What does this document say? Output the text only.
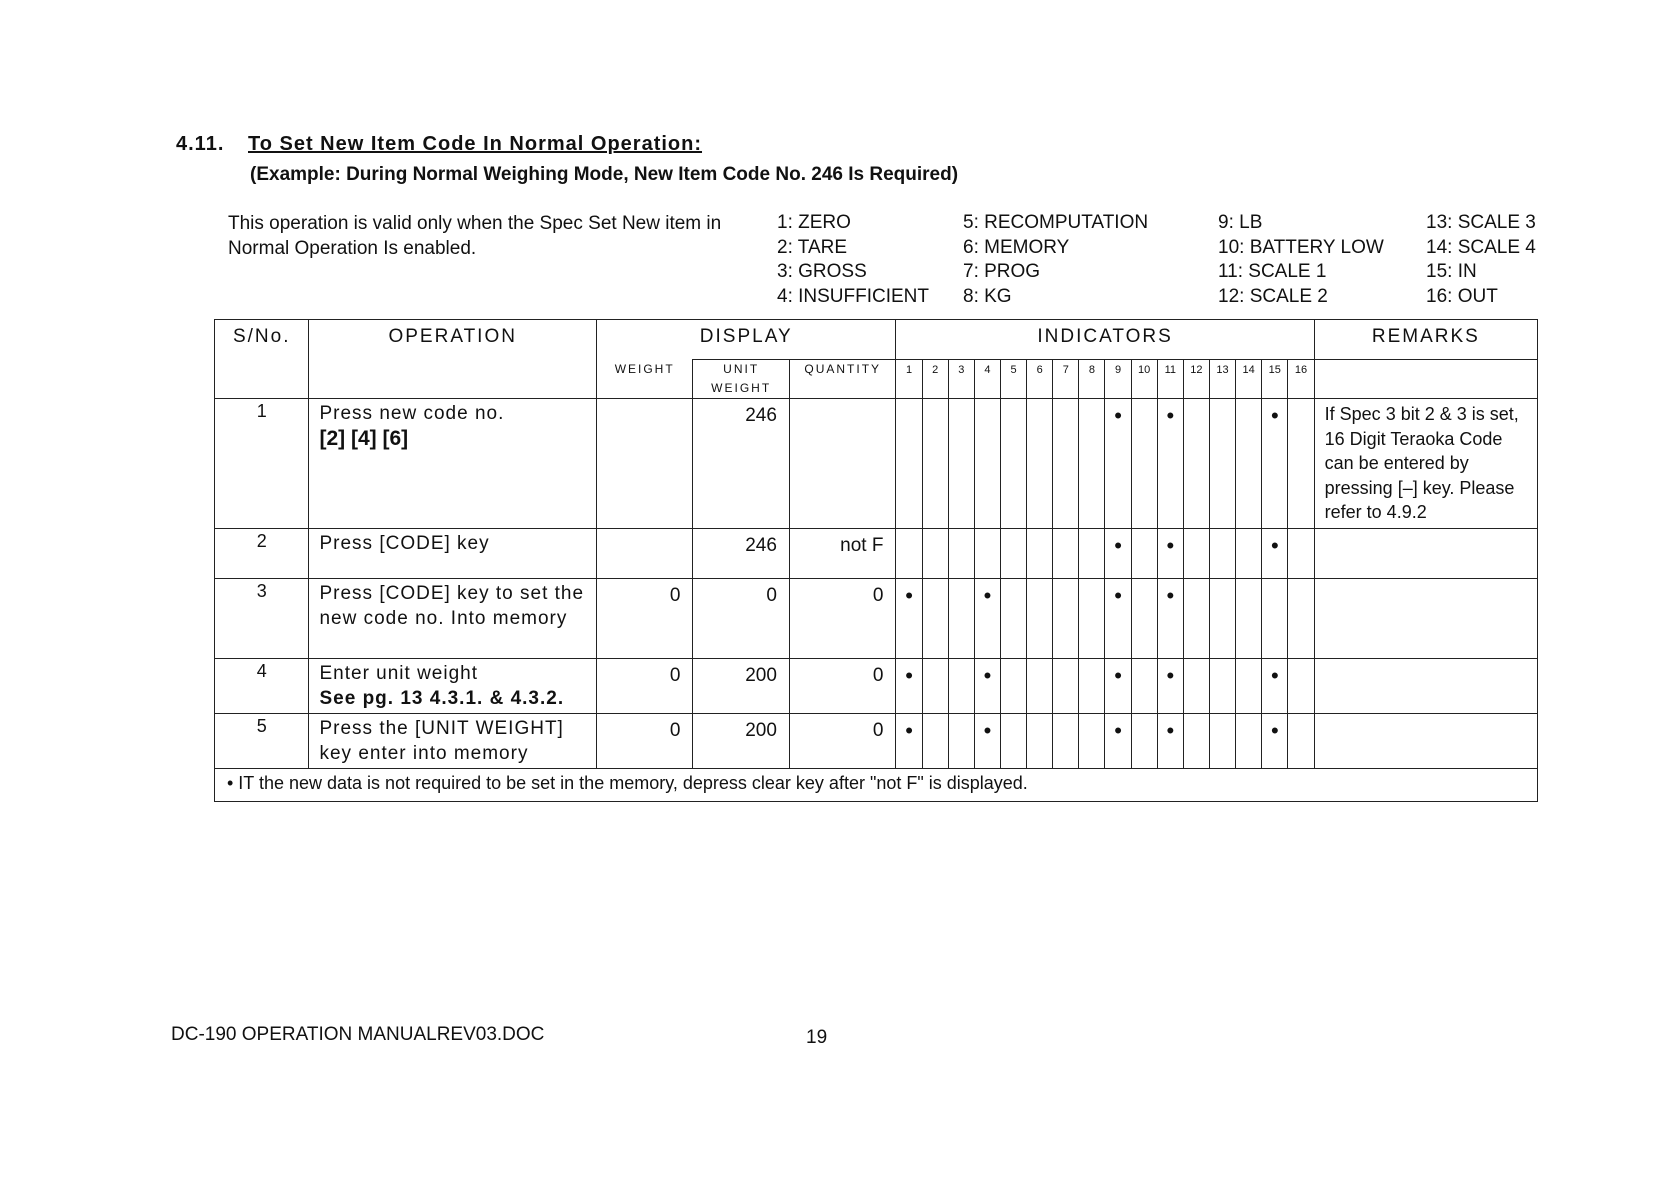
4.11. To Set New Item Code In Normal Operation:
(Example: During Normal Weighing Mode, New Item Code No. 246 Is Required)
This operation is valid only when the Spec Set New item in Normal Operation Is enabled.
1: ZERO
2: TARE
3: GROSS
4: INSUFFICIENT
5: RECOMPUTATION
6: MEMORY
7: PROG
8: KG
9: LB
10: BATTERY LOW
11: SCALE 1
12: SCALE 2
13: SCALE 3
14: SCALE 4
15: IN
16: OUT
S/No.	OPERATION	DISPLAY			INDICATORS																REMARKS
		WEIGHT	UNIT WEIGHT	QUANTITY	1	2	3	4	5	6	7	8	9	10	11	12	13	14	15	16	
1	Press new code no.
[2] [4] [6]		246										•		•				•		If Spec 3 bit 2 & 3 is set, 16 Digit Teraoka Code can be entered by pressing [–] key. Please refer to 4.9.2
2	Press [CODE] key		246	not F									•		•				•		
3	Press [CODE] key to set the new code no. Into memory	0	0	0	•			•					•		•						
4	Enter unit weight
See pg. 13 4.3.1. & 4.3.2.	0	200	0	•			•					•		•				•		
5	Press the [UNIT WEIGHT] key enter into memory	0	200	0	•			•					•		•				•		
• IT the new data is not required to be set in the memory, depress clear key after "not F" is displayed.																					
DC-190 OPERATION MANUALREV03.DOC	19
